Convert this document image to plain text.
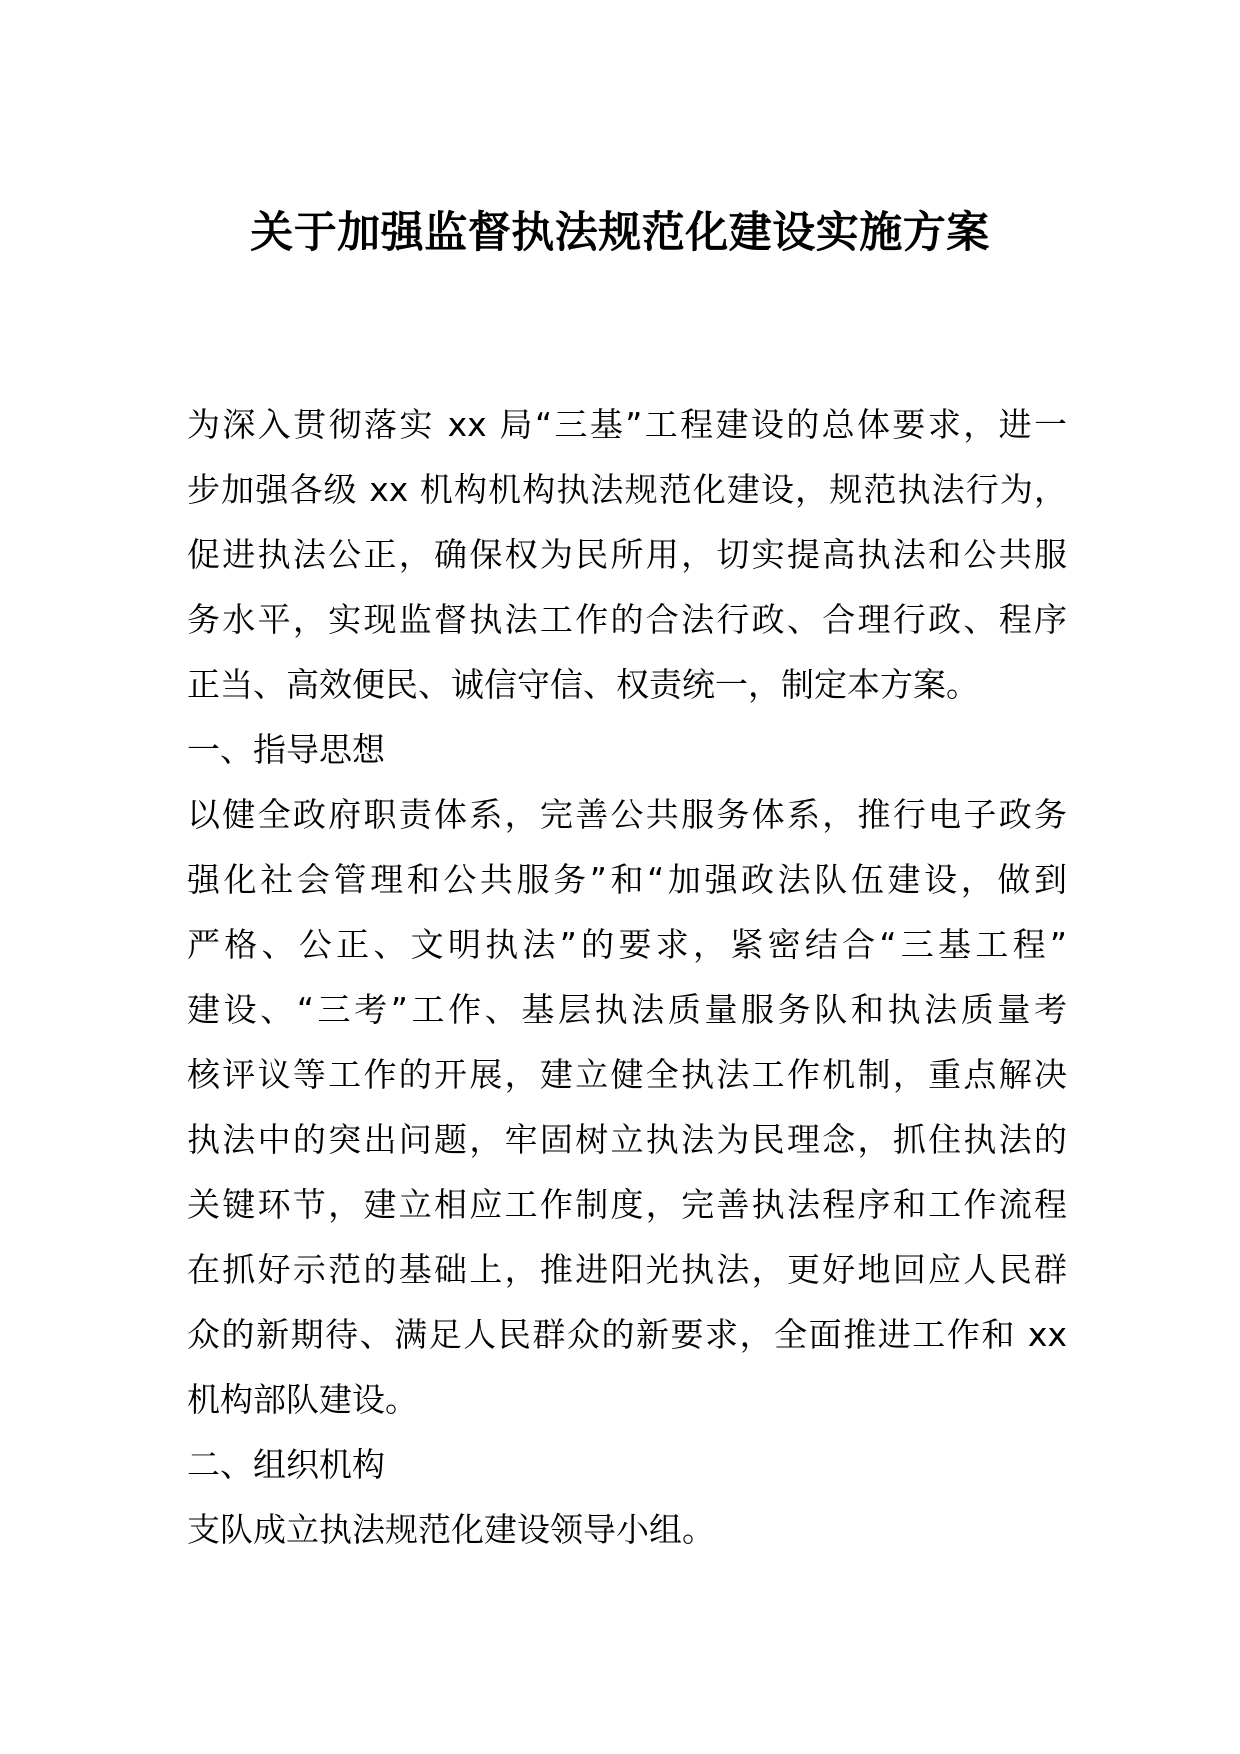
关于加强监督执法规范化建设实施方案
为深入贯彻落实 xx 局“三基”工程建设的总体要求，进一
步加强各级 xx 机构机构执法规范化建设，规范执法行为，
促进执法公正，确保权为民所用，切实提高执法和公共服
务水平，实现监督执法工作的合法行政、合理行政、程序
正当、高效便民、诚信守信、权责统一，制定本方案。
一、指导思想
以健全政府职责体系，完善公共服务体系，推行电子政务
强化社会管理和公共服务”和“加强政法队伍建设，做到
严格、公正、文明执法”的要求，紧密结合“三基工程”
建设、“三考”工作、基层执法质量服务队和执法质量考
核评议等工作的开展，建立健全执法工作机制，重点解决
执法中的突出问题，牢固树立执法为民理念，抓住执法的
关键环节，建立相应工作制度，完善执法程序和工作流程
在抓好示范的基础上，推进阳光执法，更好地回应人民群
众的新期待、满足人民群众的新要求，全面推进工作和 xx
机构部队建设。
二、组织机构
支队成立执法规范化建设领导小组。
